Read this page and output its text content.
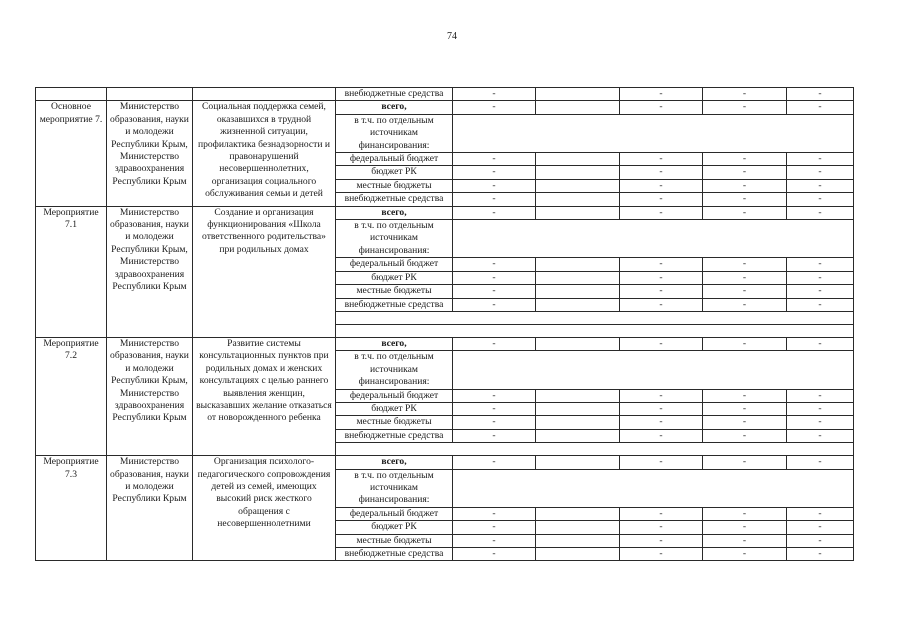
74
			внебюджетные средства	-		-	-	-
Основное мероприятие 7.	Министерство образования, науки и молодежи Республики Крым, Министерство здравоохранения Республики Крым	Социальная поддержка семей, оказавшихся в трудной жизненной ситуации, профилактика безнадзорности и правонарушений несовершеннолетних, организация социального обслуживания семьи и детей	всего,	-		-	-	-
			в т.ч. по отдельным источникам финансирования:					
			федеральный бюджет	-		-	-	-
			бюджет РК	-		-	-	-
			местные бюджеты	-		-	-	-
			внебюджетные средства	-		-	-	-
Мероприятие 7.1	Министерство образования, науки и молодежи Республики Крым, Министерство здравоохранения Республики Крым	Создание и организация функционирования «Школа ответственного родительства» при родильных домах	всего,	-		-	-	-
			в т.ч. по отдельным источникам финансирования:					
			федеральный бюджет	-		-	-	-
			бюджет РК	-		-	-	-
			местные бюджеты	-		-	-	-
			внебюджетные средства	-		-	-	-

Мероприятие 7.2	Министерство образования, науки и молодежи Республики Крым, Министерство здравоохранения Республики Крым	Развитие системы консультационных пунктов при родильных домах и женских консультациях с целью раннего выявления женщин, высказавших желание отказаться от новорожденного ребенка	всего,	-		-	-	-
			в т.ч. по отдельным источникам финансирования:					
			федеральный бюджет	-		-	-	-
			бюджет РК	-		-	-	-
			местные бюджеты	-		-	-	-
			внебюджетные средства	-		-	-	-

Мероприятие 7.3	Министерство образования, науки и молодежи Республики Крым	Организация психолого-педагогического сопровождения детей из семей, имеющих высокий риск жесткого обращения с несовершеннолетними	всего,	-		-	-	-
			в т.ч. по отдельным источникам финансирования:					
			федеральный бюджет	-		-	-	-
			бюджет РК	-		-	-	-
			местные бюджеты	-		-	-	-
			внебюджетные средства	-		-	-	-
